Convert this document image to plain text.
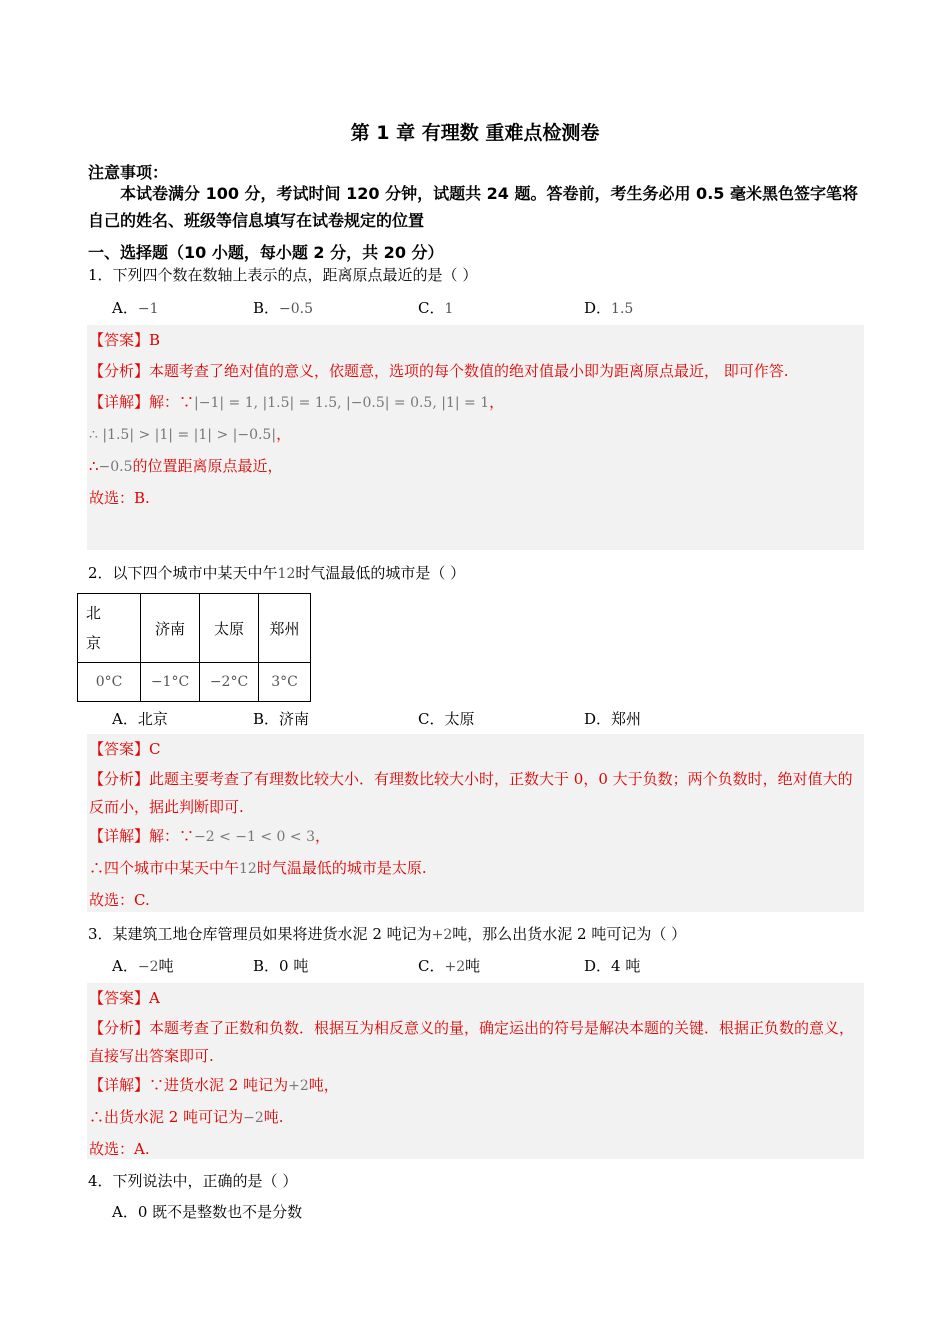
第 1 章 有理数 重难点检测卷
注意事项：
本试卷满分 100 分，考试时间 120 分钟，试题共 24 题。答卷前，考生务必用 0.5 毫米黑色签字笔将自己的姓名、班级等信息填写在试卷规定的位置
一、选择题（10 小题，每小题 2 分，共 20 分）
1．下列四个数在数轴上表示的点，距离原点最近的是（ ）
A．−1	B．−0.5	C．1	D．1.5
【答案】B
【分析】本题考查了绝对值的意义，依题意，选项的每个数值的绝对值最小即为距离原点最近， 即可作答.
【详解】解：∵|−1| = 1, |1.5| = 1.5, |−0.5| = 0.5, |1| = 1，
∴ |1.5| > |1| = |1| > |−0.5|，
∴−0.5的位置距离原点最近，
故选：B.
2．以下四个城市中某天中午12时气温最低的城市是（ ）
北京	济南	太原	郑州
0°C	−1°C	−2°C	3°C
A．北京	B．济南	C．太原	D．郑州
【答案】C
【分析】此题主要考查了有理数比较大小．有理数比较大小时，正数大于 0，0 大于负数；两个负数时，绝对值大的反而小，据此判断即可.
【详解】解：∵−2 < −1 < 0 < 3，
∴四个城市中某天中午12时气温最低的城市是太原.
故选：C.
3．某建筑工地仓库管理员如果将进货水泥 2 吨记为+2吨，那么出货水泥 2 吨可记为（ ）
A．−2吨	B．0 吨	C．+2吨	D．4 吨
【答案】A
【分析】本题考查了正数和负数．根据互为相反意义的量，确定运出的符号是解决本题的关键．根据正负数的意义，直接写出答案即可.
【详解】∵进货水泥 2 吨记为+2吨，
∴出货水泥 2 吨可记为−2吨.
故选：A.
4．下列说法中，正确的是（ ）
A．0 既不是整数也不是分数
